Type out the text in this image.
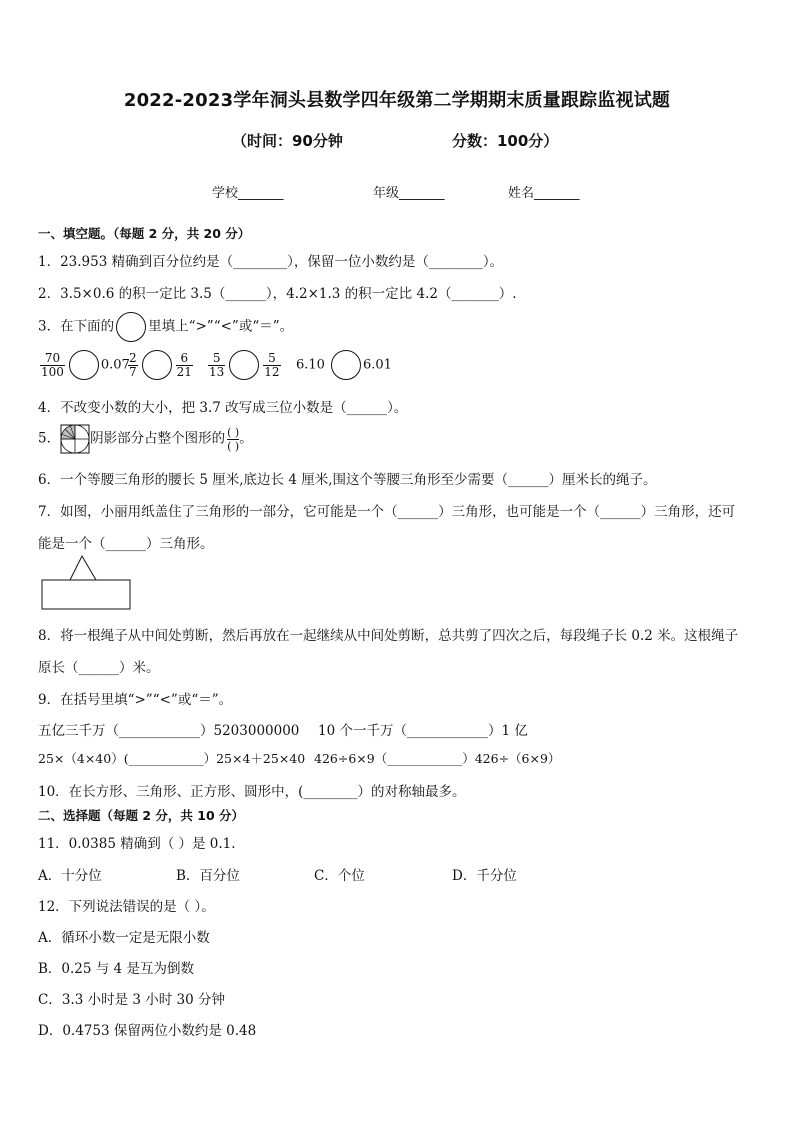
2022-2023学年洞头县数学四年级第二学期期末质量跟踪监视试题
（时间：90分钟	分数：100分）
学校_______	年级_______	姓名_______
一、填空题。（每题 2 分，共 20 分）
1．23.953 精确到百分位约是（________），保留一位小数约是（________）。
2．3.5×0.6 的积一定比 3.5（______），4.2×1.3 的积一定比 4.2（_______）.
3．在下面的	里填上“>”“<”或“＝”。
$\frac{70}{100}$	0.07
$\frac{2}{7}$	$\frac{6}{21} \frac{5}{13}$	$\frac{5}{12} 6.10$	6.01
4．不改变小数的大小，把 3.7 改写成三位小数是（______）。
5． 阴影部分占整个图形的 $\frac{( )}{( )}$ 。
6．一个等腰三角形的腰长 5 厘米,底边长 4 厘米,围这个等腰三角形至少需要（______）厘米长的绳子。
7．如图，小丽用纸盖住了三角形的一部分，它可能是一个（______）三角形，也可能是一个（______）三角形，还可
能是一个（______）三角形。
8．将一根绳子从中间处剪断，然后再放在一起继续从中间处剪断，总共剪了四次之后，每段绳子长 0.2 米。这根绳子
原长（______）米。
9．在括号里填“>”“<”或“＝”。
五亿三千万（____________）5203000000 10 个一千万（____________）1 亿
25×（4×40）(____________）25×4＋25×40 426÷6×9（____________）426÷（6×9）
10．在长方形、三角形、正方形、圆形中，(________）的对称轴最多。
二、选择题（每题 2 分，共 10 分）
11．0.0385 精确到（ ）是 0.1.
A．十分位	B．百分位	C．个位	D．千分位
12．下列说法错误的是（ ）。
A．循环小数一定是无限小数
B．0.25 与 4 是互为倒数
C．3.3 小时是 3 小时 30 分钟
D．0.4753 保留两位小数约是 0.48
